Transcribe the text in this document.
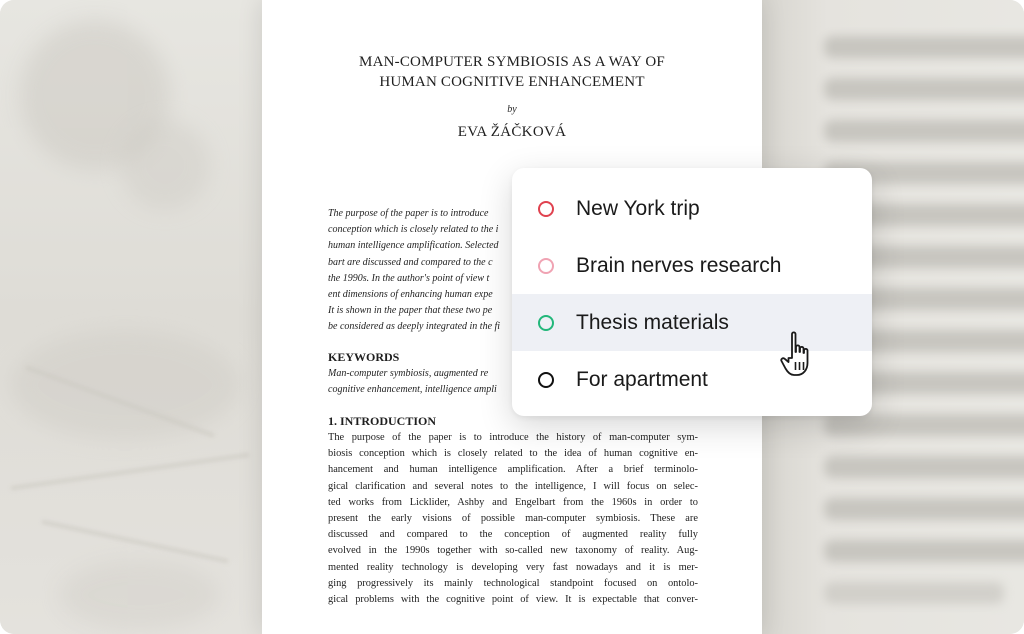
MAN-COMPUTER SYMBIOSIS AS A WAY OF
HUMAN COGNITIVE ENHANCEMENT
by
EVA ŽÁČKOVÁ
The purpose of the paper is to introduce
conception which is closely related to the i
human intelligence amplification. Selected
bart are discussed and compared to the c
the 1990s. In the author's point of view t
ent dimensions of enhancing human expe
It is shown in the paper that these two pe
be considered as deeply integrated in the fi
KEYWORDS
Man-computer symbiosis, augmented re
cognitive enhancement, intelligence ampli
1. INTRODUCTION
The purpose of the paper is to introduce the history of man-computer sym-
biosis conception which is closely related to the idea of human cognitive en-
hancement and human intelligence amplification. After a brief terminolo-
gical clarification and several notes to the intelligence, I will focus on selec-
ted works from Licklider, Ashby and Engelbart from the 1960s in order to
present the early visions of possible man-computer symbiosis. These are
discussed and compared to the conception of augmented reality fully
evolved in the 1990s together with so-called new taxonomy of reality. Aug-
mented reality technology is developing very fast nowadays and it is mer-
ging progressively its mainly technological standpoint focused on ontolo-
gical problems with the cognitive point of view. It is expectable that conver-
New York trip
Brain nerves research
Thesis materials
For apartment
